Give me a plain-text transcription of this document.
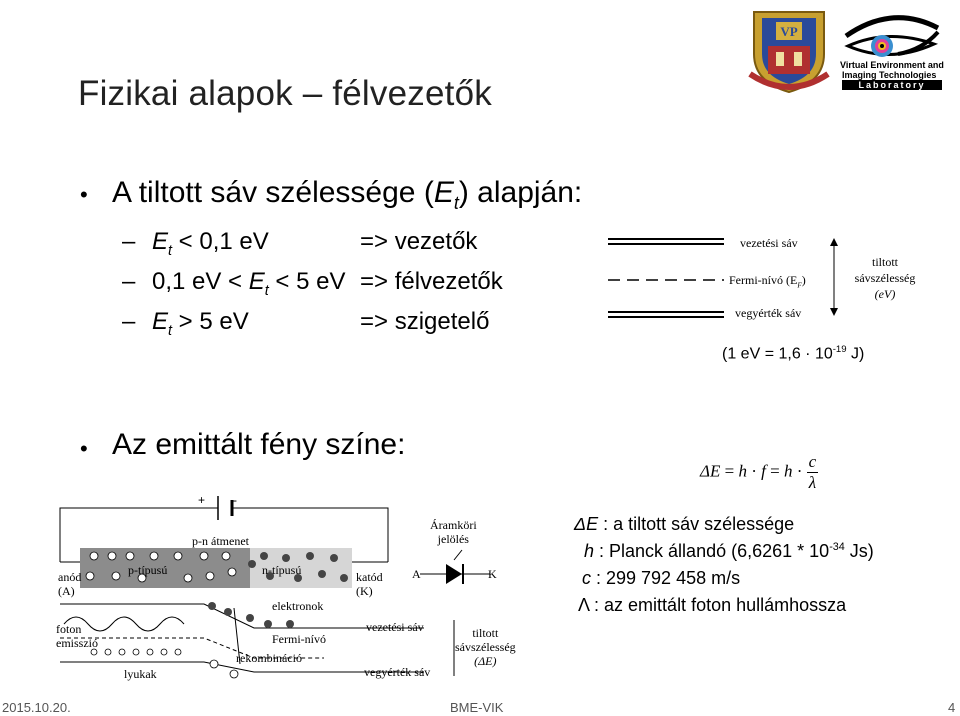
VP
Virtual Environment and
Imaging Technologies
Laboratory
Fizikai alapok – félvezetők
• A tiltott sáv szélessége $(E_t)$ alapján:
– $E_t < 0,1$ eV	=> vezetők
– 0,1 eV < $E_t < 5$ eV => félvezetők
– $E_t > 5$ eV	=> szigetelő
vezetési sáv
Fermi-nívó $(E_F)$
vegyérték sáv
tiltott
sávszélesség
(eV)
(1 eV = $1,6 \cdot 10^{-19}$ J)
• Az emittált fény színe:
$\Delta E = h \cdot f = h \cdot \frac{c}{\lambda}$
ΔE : a tiltott sáv szélessége
h : Planck állandó ($6,6261 * 10^{-34}$ Js)
c : 299 792 458 m/s
Λ : az emittált foton hullámhossza
+ -
p-n átmenet
p-típusú	n-típusú
anód
(A)
katód
(K)
Áramköri
jelölés
A	K
elektronok
vezetési sáv
Fermi-nívó
rekombináció
vegyérték sáv
foton
emisszió
lyukak
tiltott
sávszélesség
(ΔE)
2015.10.20.	BME-VIK	4
